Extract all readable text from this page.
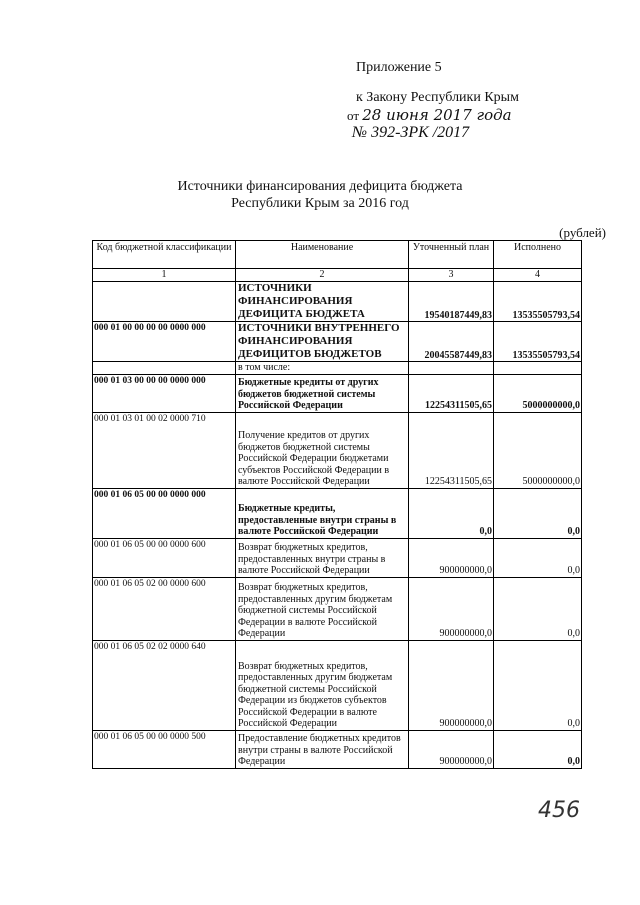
Приложение 5
к Закону Республики Крым
от 28 июня 2017 года
№ 392-ЗРК /2017
Источники финансирования дефицита бюджета
Республики Крым за 2016 год
(рублей)
Код бюджетной классификации	Наименование	Уточненный план	Исполнено
1	2	3	4
	ИСТОЧНИКИ ФИНАНСИРОВАНИЯ ДЕФИЦИТА БЮДЖЕТА	19540187449,83	13535505793,54
000 01 00 00 00 00 0000 000	ИСТОЧНИКИ ВНУТРЕННЕГО ФИНАНСИРОВАНИЯ ДЕФИЦИТОВ БЮДЖЕТОВ	20045587449,83	13535505793,54
	в том числе:		
000 01 03 00 00 00 0000 000	Бюджетные кредиты от других бюджетов бюджетной системы Российской Федерации	12254311505,65	5000000000,0
000 01 03 01 00 02 0000 710	Получение кредитов от других бюджетов бюджетной системы Российской Федерации бюджетами субъектов Российской Федерации в валюте Российской Федерации	12254311505,65	5000000000,0
000 01 06 05 00 00 0000 000	Бюджетные кредиты, предоставленные внутри страны в валюте Российской Федерации	0,0	0,0
000 01 06 05 00 00 0000 600	Возврат бюджетных кредитов, предоставленных внутри страны в валюте Российской Федерации	900000000,0	0,0
000 01 06 05 02 00 0000 600	Возврат бюджетных кредитов, предоставленных другим бюджетам бюджетной системы Российской Федерации в валюте Российской Федерации	900000000,0	0,0
000 01 06 05 02 02 0000 640	Возврат бюджетных кредитов, предоставленных другим бюджетам бюджетной системы Российской Федерации из бюджетов субъектов Российской Федерации в валюте Российской Федерации	900000000,0	0,0
000 01 06 05 00 00 0000 500	Предоставление бюджетных кредитов внутри страны в валюте Российской Федерации	900000000,0	0,0
456
